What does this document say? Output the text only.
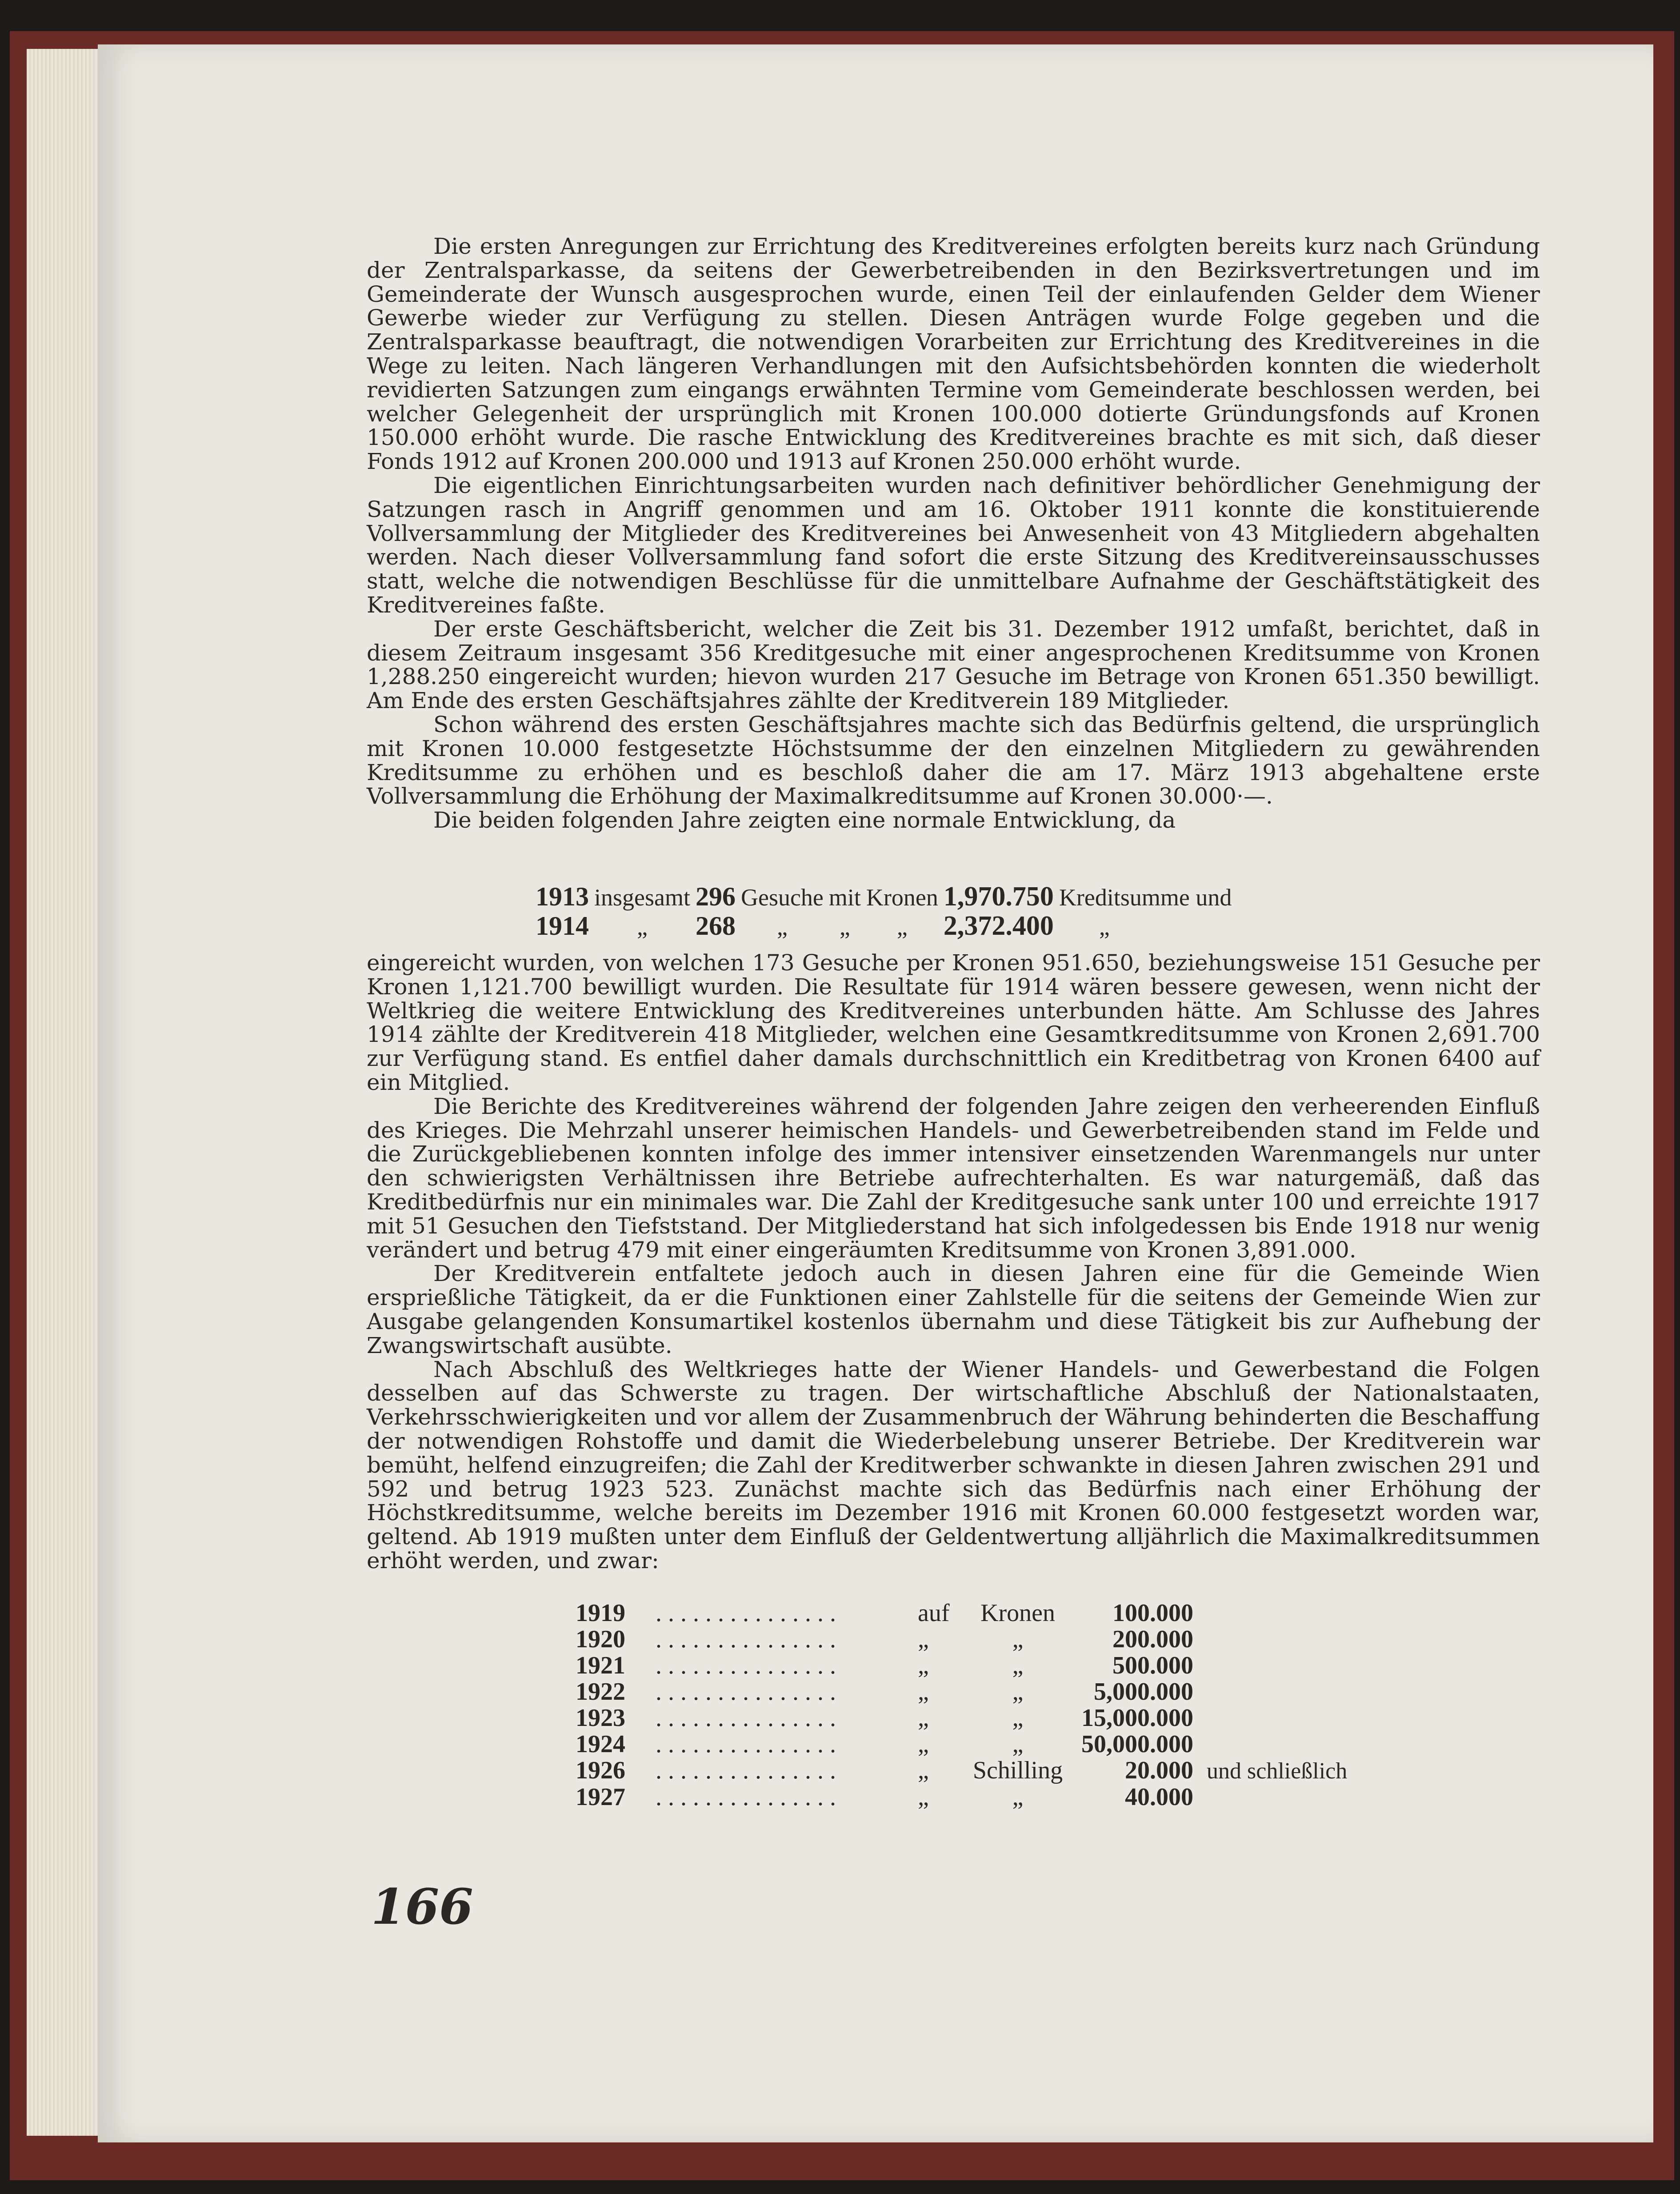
Die ersten Anregungen zur Errichtung des Kreditvereines erfolgten bereits kurz nach Gründung der Zentralsparkasse, da seitens der Gewerbetreibenden in den Bezirksvertretungen und im Gemeinderate der Wunsch ausgesprochen wurde, einen Teil der einlaufenden Gelder dem Wiener Gewerbe wieder zur Verfügung zu stellen. Diesen Anträgen wurde Folge gegeben und die Zentralsparkasse beauftragt, die notwendigen Vorarbeiten zur Errichtung des Kreditvereines in die Wege zu leiten. Nach längeren Verhandlungen mit den Aufsichtsbehörden konnten die wiederholt revidierten Satzungen zum eingangs erwähnten Termine vom Gemeinderate beschlossen werden, bei welcher Gelegenheit der ursprünglich mit Kronen 100.000 dotierte Gründungsfonds auf Kronen 150.000 erhöht wurde. Die rasche Entwicklung des Kreditvereines brachte es mit sich, daß dieser Fonds 1912 auf Kronen 200.000 und 1913 auf Kronen 250.000 erhöht wurde.

Die eigentlichen Einrichtungsarbeiten wurden nach definitiver behördlicher Genehmigung der Satzungen rasch in Angriff genommen und am 16. Oktober 1911 konnte die konstituierende Vollversammlung der Mitglieder des Kreditvereines bei Anwesenheit von 43 Mitgliedern abgehalten werden. Nach dieser Vollversammlung fand sofort die erste Sitzung des Kreditvereinsausschusses statt, welche die notwendigen Beschlüsse für die unmittelbare Aufnahme der Geschäftstätigkeit des Kreditvereines faßte.

Der erste Geschäftsbericht, welcher die Zeit bis 31. Dezember 1912 umfaßt, berichtet, daß in diesem Zeitraum insgesamt 356 Kreditgesuche mit einer angesprochenen Kreditsumme von Kronen 1,288.250 eingereicht wurden; hievon wurden 217 Gesuche im Betrage von Kronen 651.350 bewilligt. Am Ende des ersten Geschäftsjahres zählte der Kreditverein 189 Mitglieder.

Schon während des ersten Geschäftsjahres machte sich das Bedürfnis geltend, die ursprünglich mit Kronen 10.000 festgesetzte Höchstsumme der den einzelnen Mitgliedern zu gewährenden Kreditsumme zu erhöhen und es beschloß daher die am 17. März 1913 abgehaltene erste Vollversammlung die Erhöhung der Maximalkreditsumme auf Kronen 30.000·—.

Die beiden folgenden Jahre zeigten eine normale Entwicklung, da

1913	insgesamt	296	Gesuche	mit	Kronen	1,970.750	Kreditsumme und
1914	„	268	„	„	„	2,372.400	„

eingereicht wurden, von welchen 173 Gesuche per Kronen 951.650, beziehungsweise 151 Gesuche per Kronen 1,121.700 bewilligt wurden. Die Resultate für 1914 wären bessere gewesen, wenn nicht der Weltkrieg die weitere Entwicklung des Kreditvereines unterbunden hätte. Am Schlusse des Jahres 1914 zählte der Kreditverein 418 Mitglieder, welchen eine Gesamtkreditsumme von Kronen 2,691.700 zur Verfügung stand. Es entfiel daher damals durchschnittlich ein Kreditbetrag von Kronen 6400 auf ein Mitglied.

Die Berichte des Kreditvereines während der folgenden Jahre zeigen den verheerenden Einfluß des Krieges. Die Mehrzahl unserer heimischen Handels- und Gewerbetreibenden stand im Felde und die Zurückgebliebenen konnten infolge des immer intensiver einsetzenden Warenmangels nur unter den schwierigsten Verhältnissen ihre Betriebe aufrechterhalten. Es war naturgemäß, daß das Kreditbedürfnis nur ein minimales war. Die Zahl der Kreditgesuche sank unter 100 und erreichte 1917 mit 51 Gesuchen den Tiefststand. Der Mitgliederstand hat sich infolgedessen bis Ende 1918 nur wenig verändert und betrug 479 mit einer eingeräumten Kreditsumme von Kronen 3,891.000.

Der Kreditverein entfaltete jedoch auch in diesen Jahren eine für die Gemeinde Wien ersprießliche Tätigkeit, da er die Funktionen einer Zahlstelle für die seitens der Gemeinde Wien zur Ausgabe gelangenden Konsumartikel kostenlos übernahm und diese Tätigkeit bis zur Aufhebung der Zwangswirtschaft ausübte.

Nach Abschluß des Weltkrieges hatte der Wiener Handels- und Gewerbestand die Folgen desselben auf das Schwerste zu tragen. Der wirtschaftliche Abschluß der Nationalstaaten, Verkehrsschwierigkeiten und vor allem der Zusammenbruch der Währung behinderten die Beschaffung der notwendigen Rohstoffe und damit die Wiederbelebung unserer Betriebe. Der Kreditverein war bemüht, helfend einzugreifen; die Zahl der Kreditwerber schwankte in diesen Jahren zwischen 291 und 592 und betrug 1923 523. Zunächst machte sich das Bedürfnis nach einer Erhöhung der Höchstkreditsumme, welche bereits im Dezember 1916 mit Kronen 60.000 festgesetzt worden war, geltend. Ab 1919 mußten unter dem Einfluß der Geldentwertung alljährlich die Maximalkreditsummen erhöht werden, und zwar:

1919	...............	auf	Kronen	100.000	
1920	...............	„	„	200.000	
1921	...............	„	„	500.000	
1922	...............	„	„	5,000.000	
1923	...............	„	„	15,000.000	
1924	...............	„	„	50,000.000	
1926	...............	„	Schilling	20.000	und schließlich
1927	...............	„	„	40.000	
166
